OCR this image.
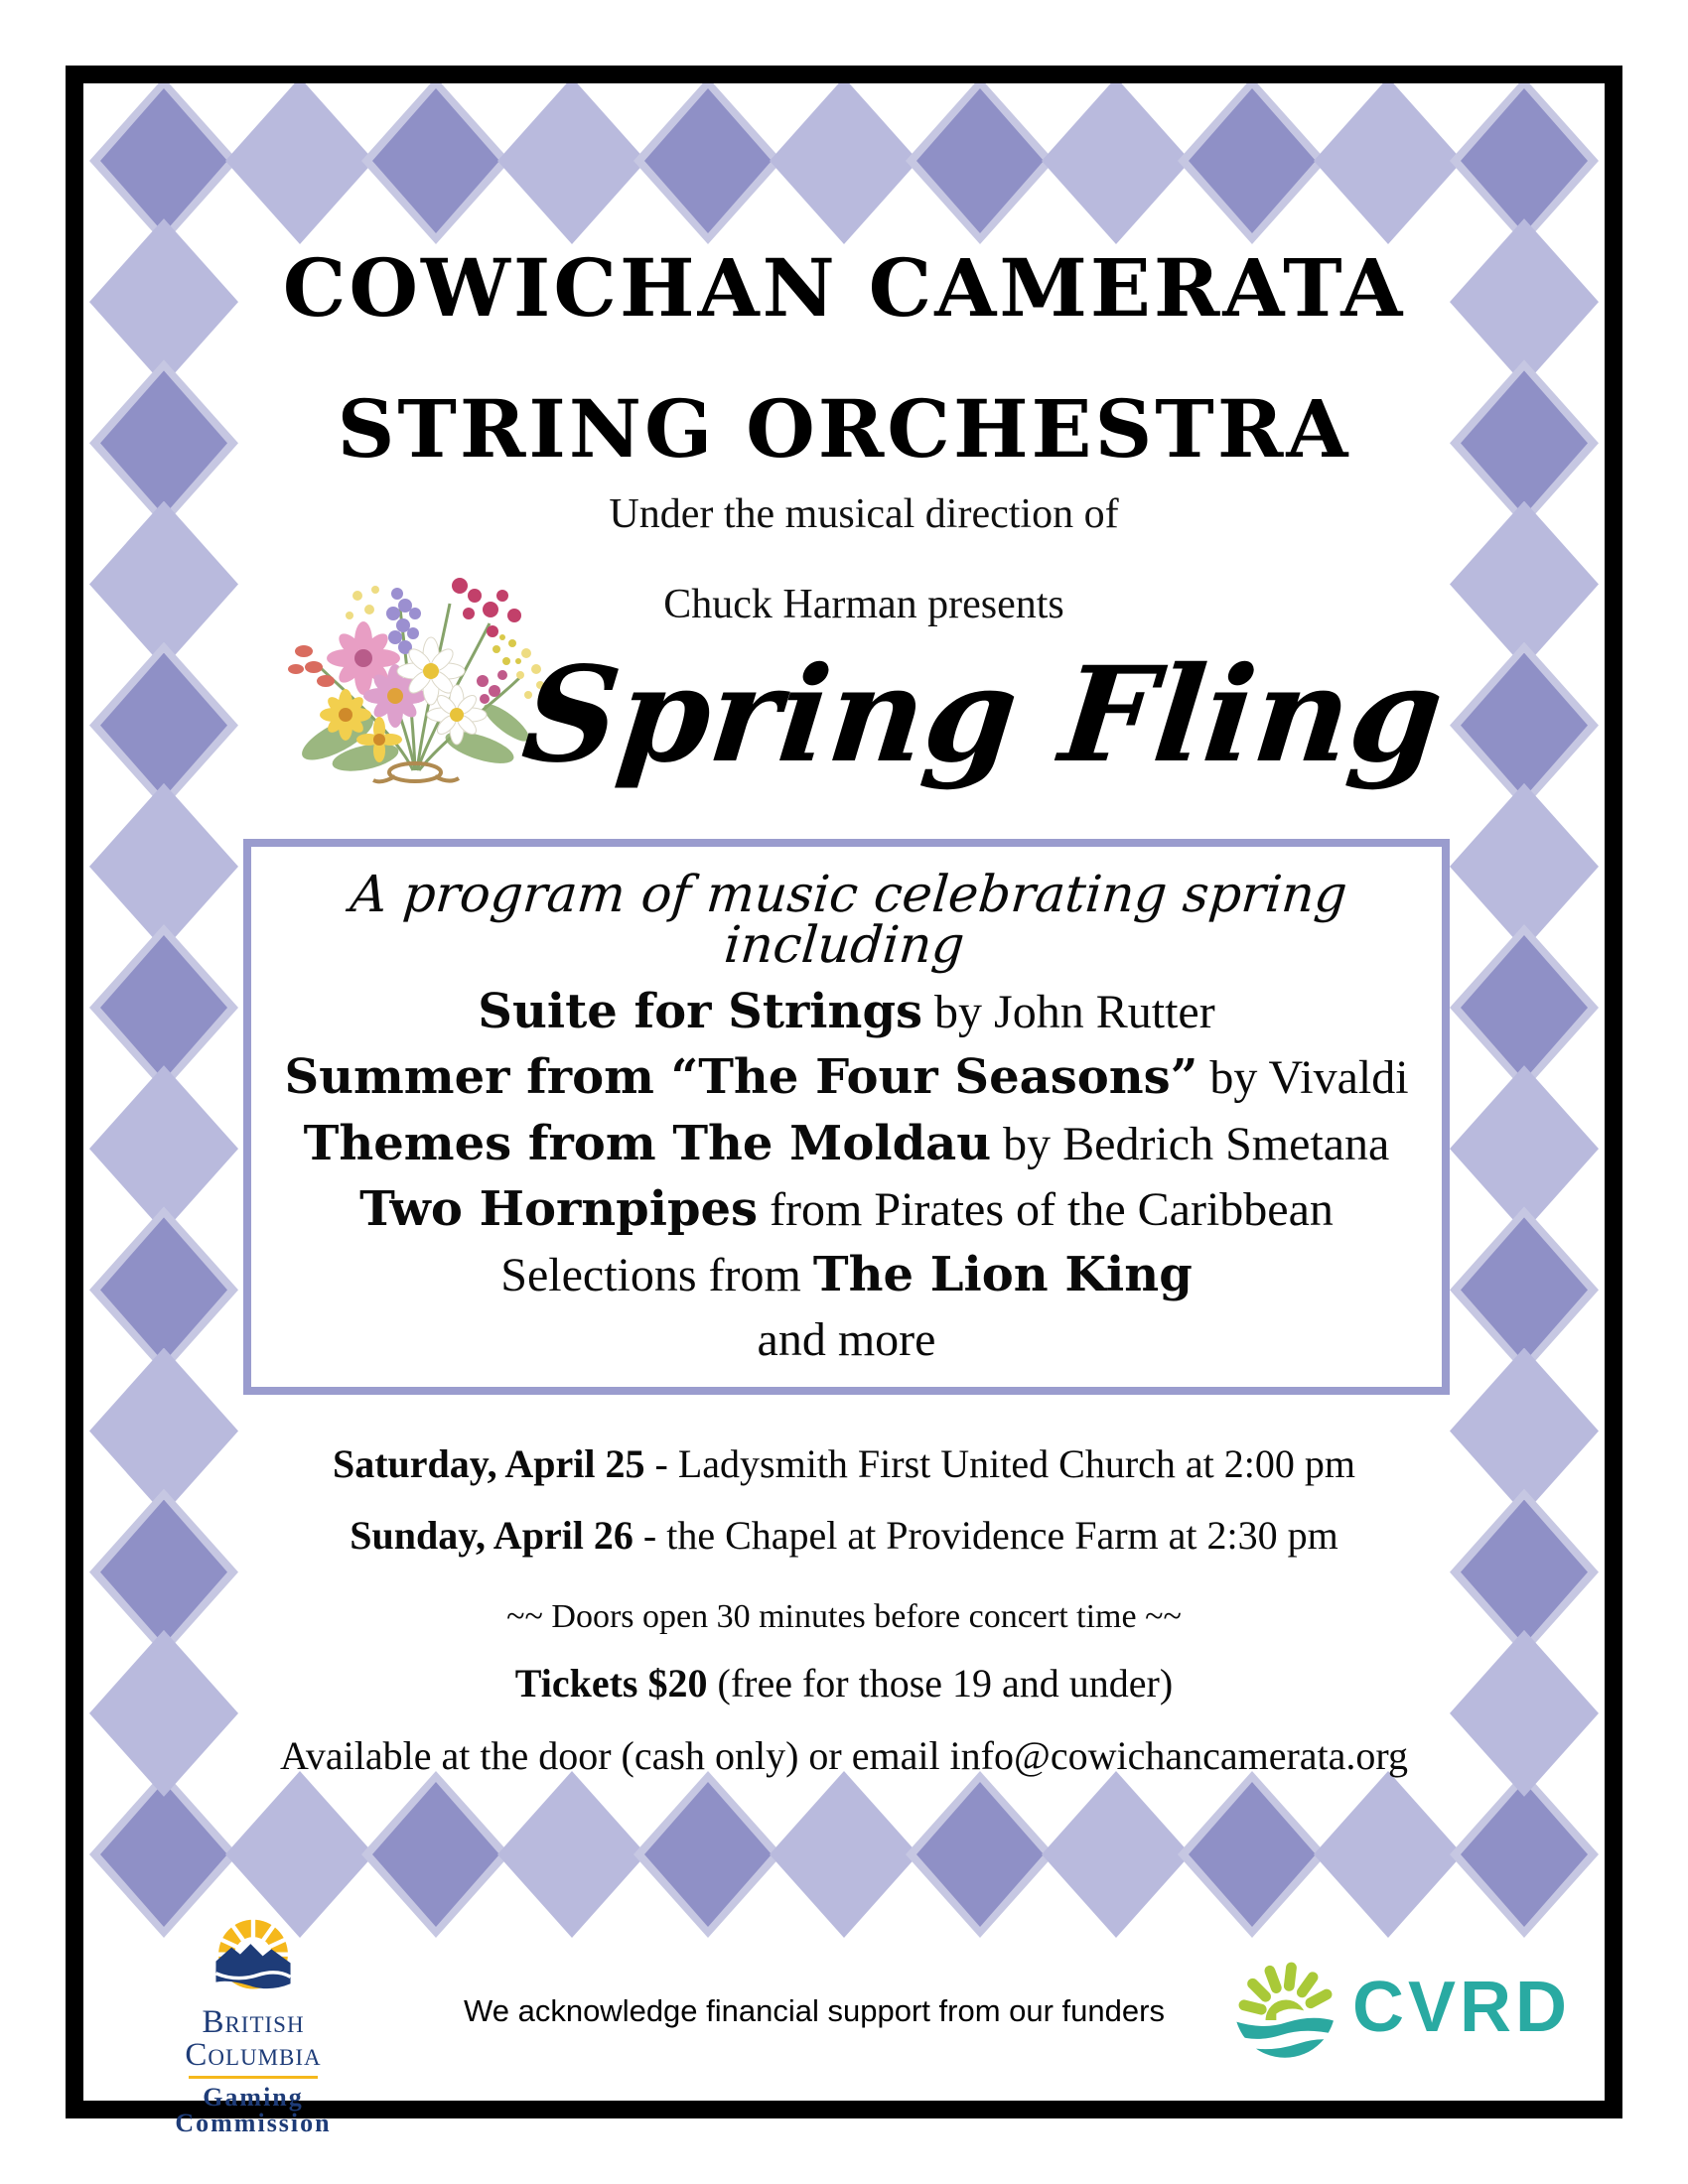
COWICHAN CAMERATA
STRING ORCHESTRA
Under the musical direction of
Chuck Harman presents
Spring Fling
A program of music celebrating spring including
Suite for Strings by John Rutter
Summer from “The Four Seasons” by Vivaldi
Themes from The Moldau by Bedrich Smetana
Two Hornpipes from Pirates of the Caribbean
Selections from The Lion King
and more
Saturday, April 25 - Ladysmith First United Church at 2:00 pm
Sunday, April 26 - the Chapel at Providence Farm at 2:30 pm
~~ Doors open 30 minutes before concert time ~~
Tickets $20 (free for those 19 and under)
Available at the door (cash only) or email info@cowichancamerata.org
British
Columbia
Gaming Commission
We acknowledge financial support from our funders	CVRD
